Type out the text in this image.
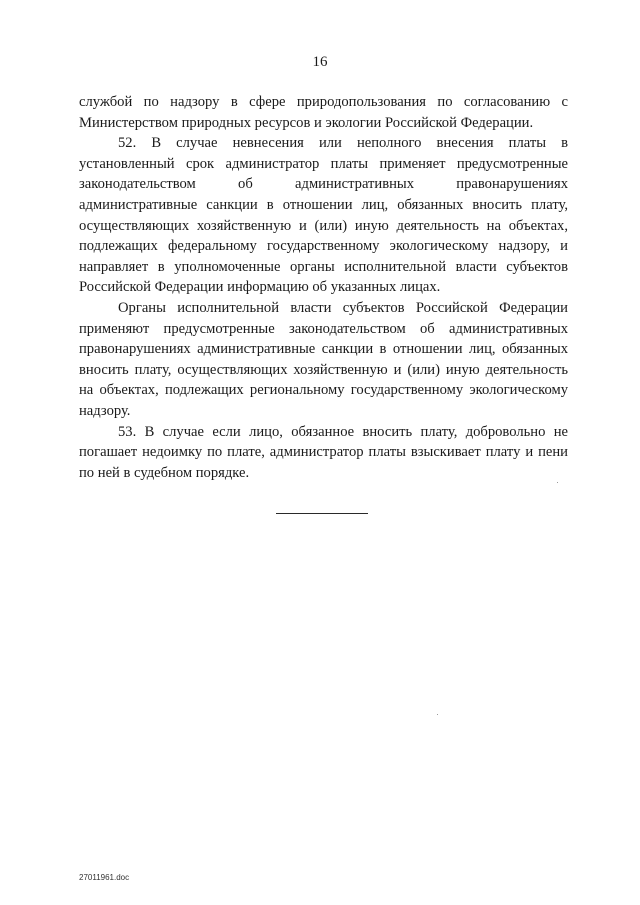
16

службой по надзору в сфере природопользования по согласованию с Министерством природных ресурсов и экологии Российской Федерации.

52. В случае невнесения или неполного внесения платы в установленный срок администратор платы применяет предусмотренные законодательством об административных правонарушениях административные санкции в отношении лиц, обязанных вносить плату, осуществляющих хозяйственную и (или) иную деятельность на объектах, подлежащих федеральному государственному экологическому надзору, и направляет в уполномоченные органы исполнительной власти субъектов Российской Федерации информацию об указанных лицах.

Органы исполнительной власти субъектов Российской Федерации применяют предусмотренные законодательством об административных правонарушениях административные санкции в отношении лиц, обязанных вносить плату, осуществляющих хозяйственную и (или) иную деятельность на объектах, подлежащих региональному государственному экологическому надзору.

53. В случае если лицо, обязанное вносить плату, добровольно не погашает недоимку по плате, администратор платы взыскивает плату и пени по ней в судебном порядке.

27011961.doc
